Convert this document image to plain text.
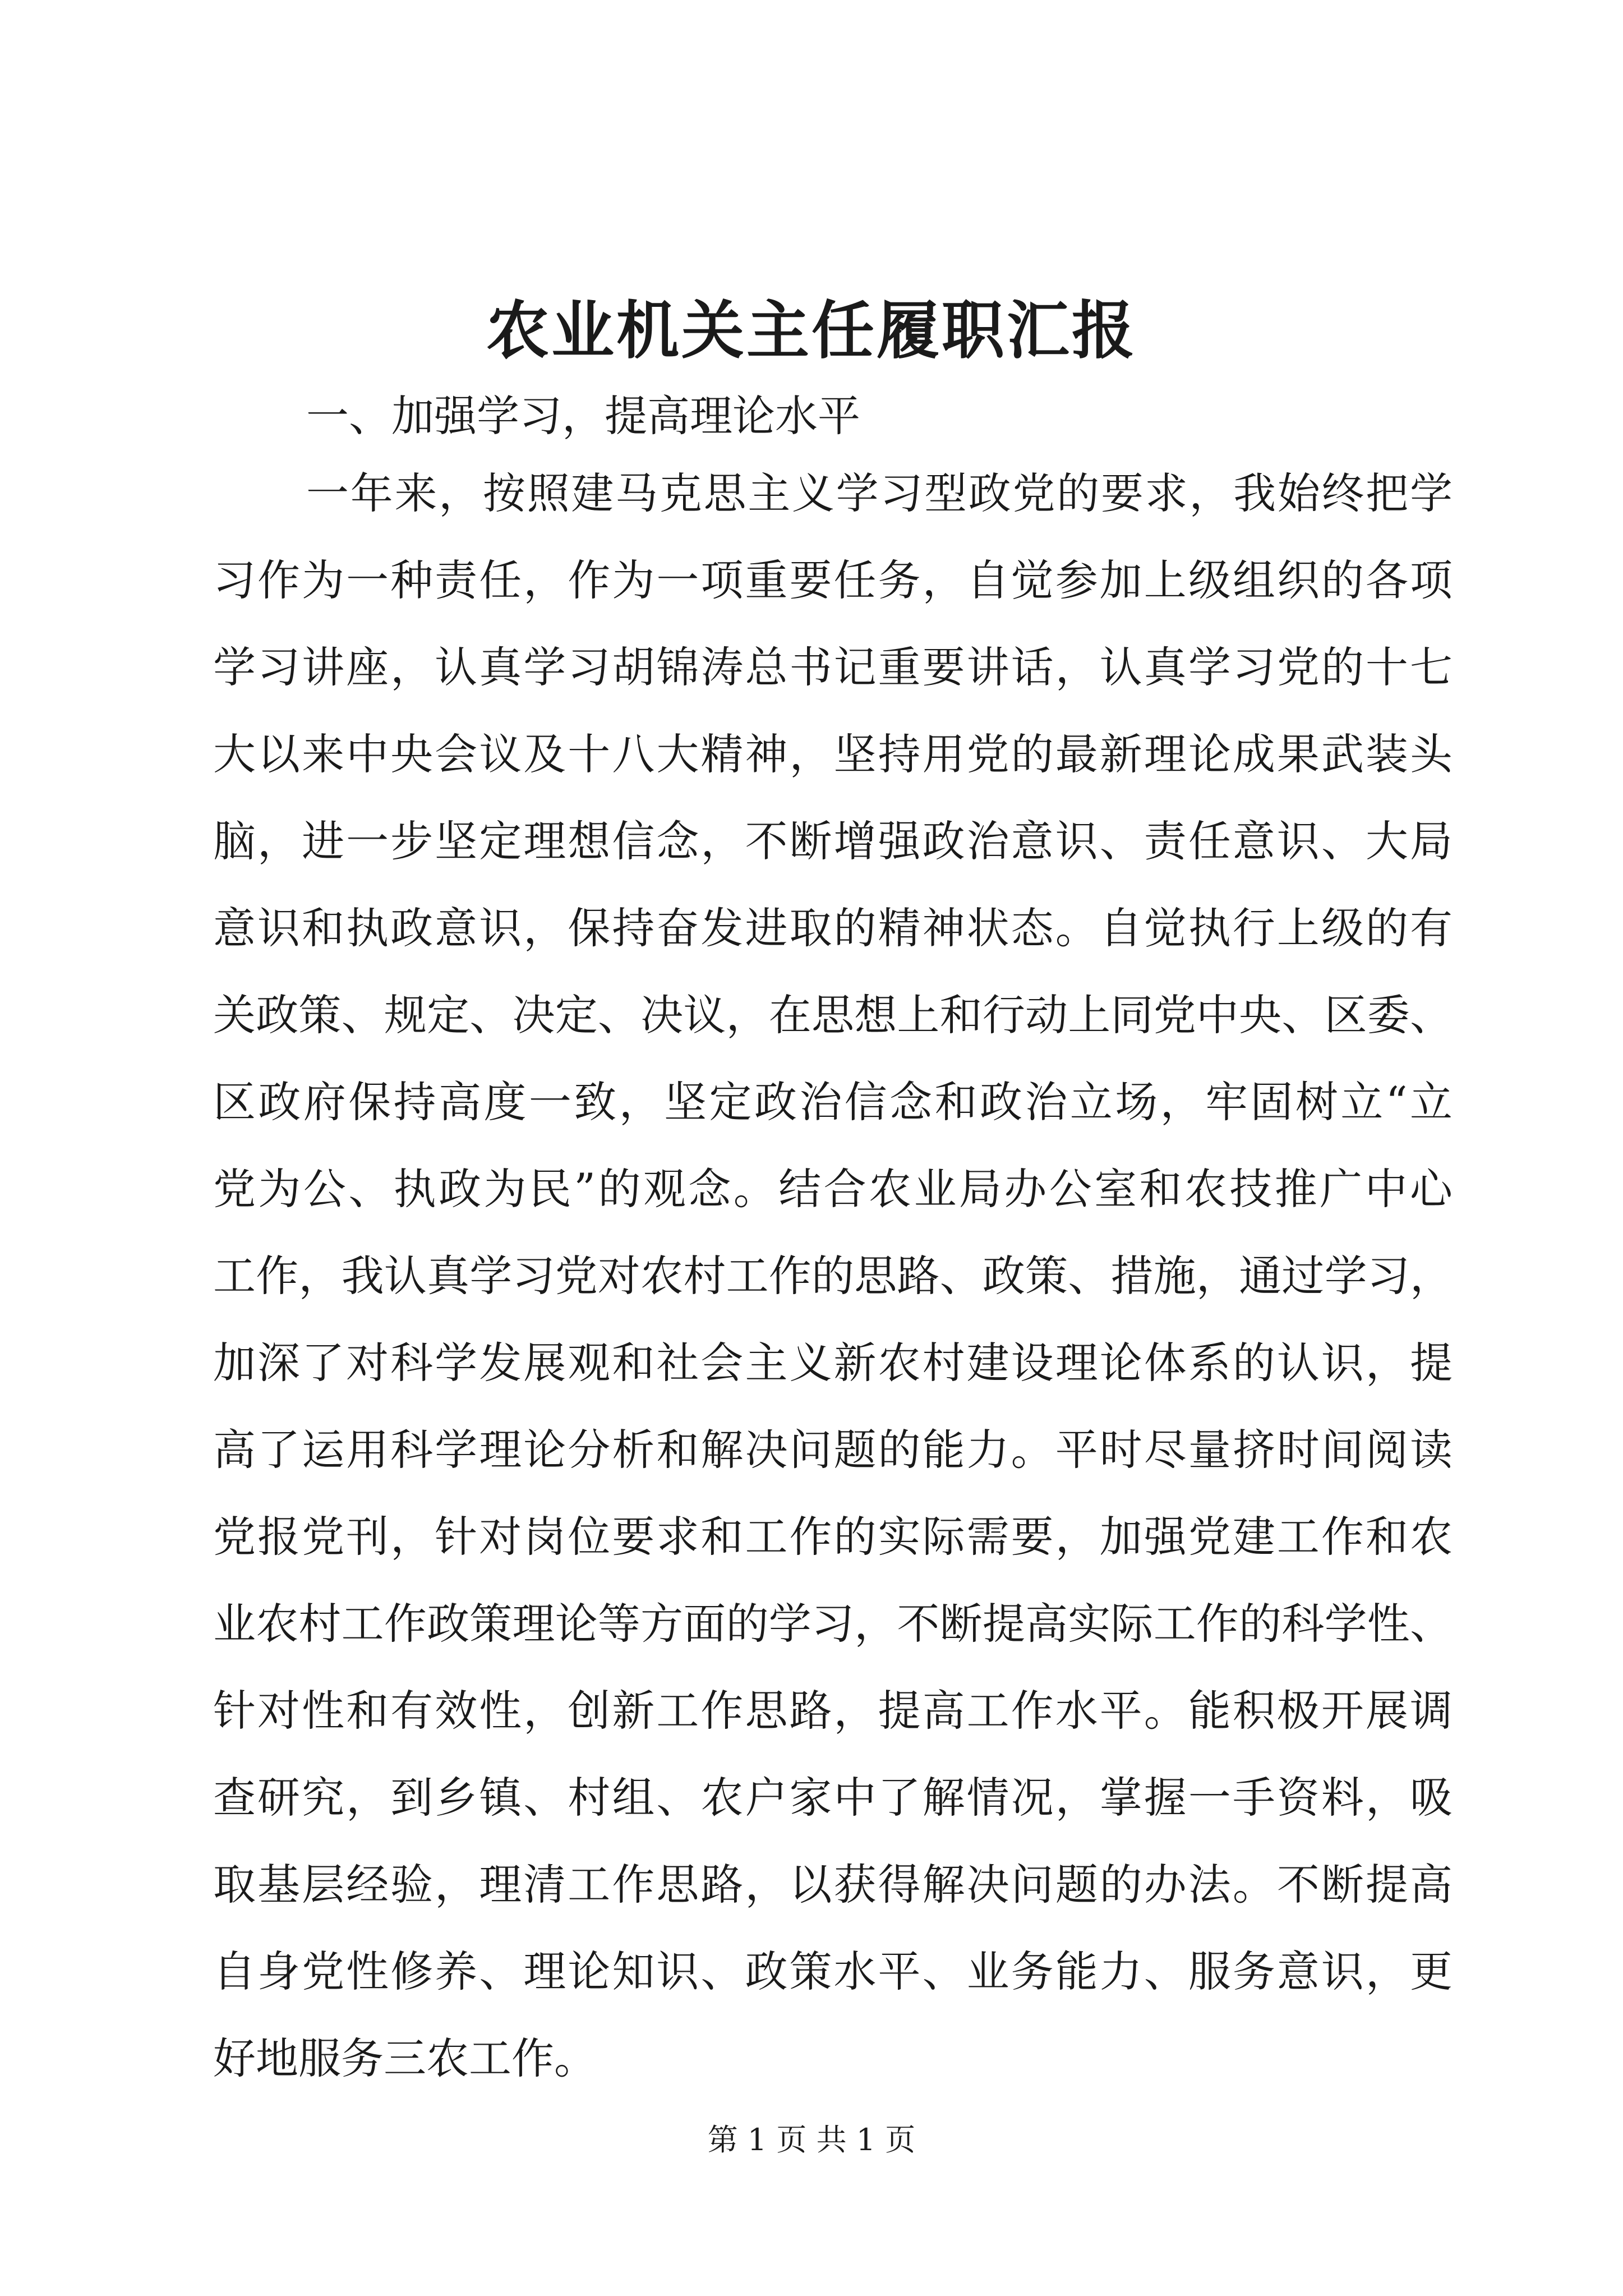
农业机关主任履职汇报
一、加强学习，提高理论水平
一年来，按照建马克思主义学习型政党的要求，我始终把学
习作为一种责任，作为一项重要任务，自觉参加上级组织的各项
学习讲座，认真学习胡锦涛总书记重要讲话，认真学习党的十七
大以来中央会议及十八大精神，坚持用党的最新理论成果武装头
脑，进一步坚定理想信念，不断增强政治意识、责任意识、大局
意识和执政意识，保持奋发进取的精神状态。自觉执行上级的有
关政策、规定、决定、决议，在思想上和行动上同党中央、区委、
区政府保持高度一致，坚定政治信念和政治立场，牢固树立“立
党为公、执政为民”的观念。结合农业局办公室和农技推广中心
工作，我认真学习党对农村工作的思路、政策、措施，通过学习，
加深了对科学发展观和社会主义新农村建设理论体系的认识，提
高了运用科学理论分析和解决问题的能力。平时尽量挤时间阅读
党报党刊，针对岗位要求和工作的实际需要，加强党建工作和农
业农村工作政策理论等方面的学习，不断提高实际工作的科学性、
针对性和有效性，创新工作思路，提高工作水平。能积极开展调
查研究，到乡镇、村组、农户家中了解情况，掌握一手资料，吸
取基层经验，理清工作思路，以获得解决问题的办法。不断提高
自身党性修养、理论知识、政策水平、业务能力、服务意识，更
好地服务三农工作。
第 1 页 共 1 页
